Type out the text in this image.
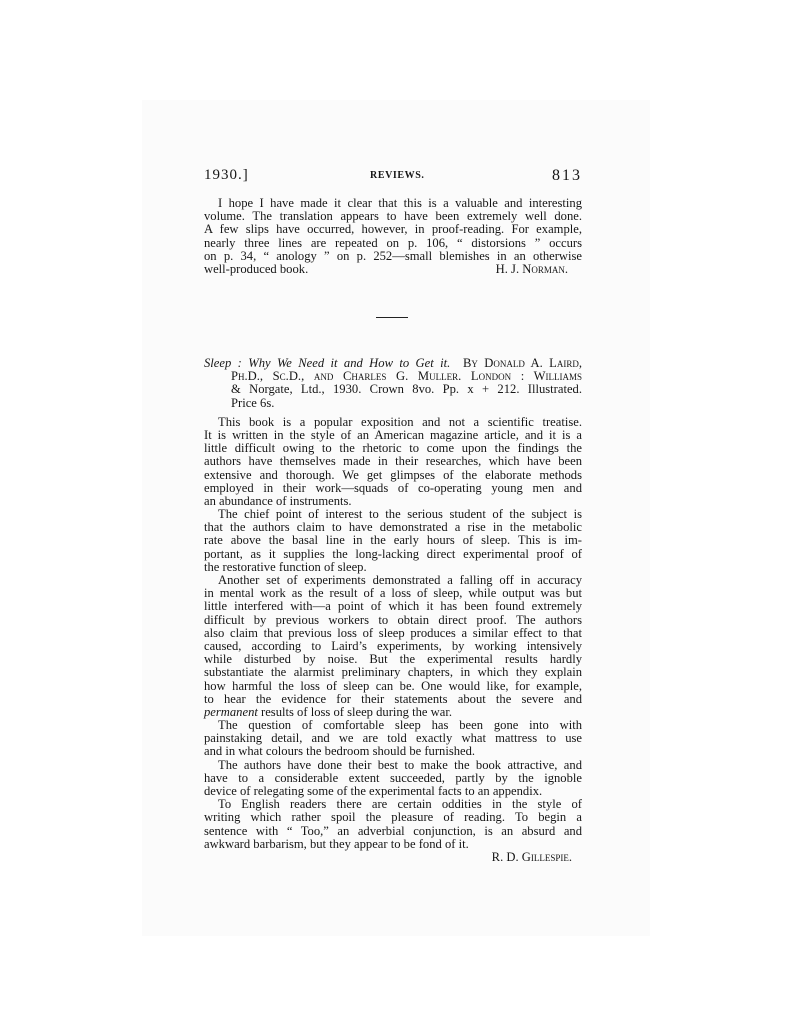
1930.]	REVIEWS.	813
I hope I have made it clear that this is a valuable and interesting
volume. The translation appears to have been extremely well done.
A few slips have occurred, however, in proof-reading. For example,
nearly three lines are repeated on p. 106, “ distorsions ” occurs
on p. 34, “ anology ” on p. 252—small blemishes in an otherwise
well-produced book.	H. J. Norman.
Sleep : Why We Need it and How to Get it. By Donald A. Laird,
Ph.D., Sc.D., and Charles G. Muller. London : Williams
& Norgate, Ltd., 1930. Crown 8vo. Pp. x + 212. Illustrated.
Price 6s.
This book is a popular exposition and not a scientific treatise.
It is written in the style of an American magazine article, and it is a
little difficult owing to the rhetoric to come upon the findings the
authors have themselves made in their researches, which have been
extensive and thorough. We get glimpses of the elaborate methods
employed in their work—squads of co-operating young men and
an abundance of instruments.
The chief point of interest to the serious student of the subject is
that the authors claim to have demonstrated a rise in the metabolic
rate above the basal line in the early hours of sleep. This is im-
portant, as it supplies the long-lacking direct experimental proof of
the restorative function of sleep.
Another set of experiments demonstrated a falling off in accuracy
in mental work as the result of a loss of sleep, while output was but
little interfered with—a point of which it has been found extremely
difficult by previous workers to obtain direct proof. The authors
also claim that previous loss of sleep produces a similar effect to that
caused, according to Laird’s experiments, by working intensively
while disturbed by noise. But the experimental results hardly
substantiate the alarmist preliminary chapters, in which they explain
how harmful the loss of sleep can be. One would like, for example,
to hear the evidence for their statements about the severe and
permanent results of loss of sleep during the war.
The question of comfortable sleep has been gone into with
painstaking detail, and we are told exactly what mattress to use
and in what colours the bedroom should be furnished.
The authors have done their best to make the book attractive, and
have to a considerable extent succeeded, partly by the ignoble
device of relegating some of the experimental facts to an appendix.
To English readers there are certain oddities in the style of
writing which rather spoil the pleasure of reading. To begin a
sentence with “ Too,” an adverbial conjunction, is an absurd and
awkward barbarism, but they appear to be fond of it.
R. D. Gillespie.
